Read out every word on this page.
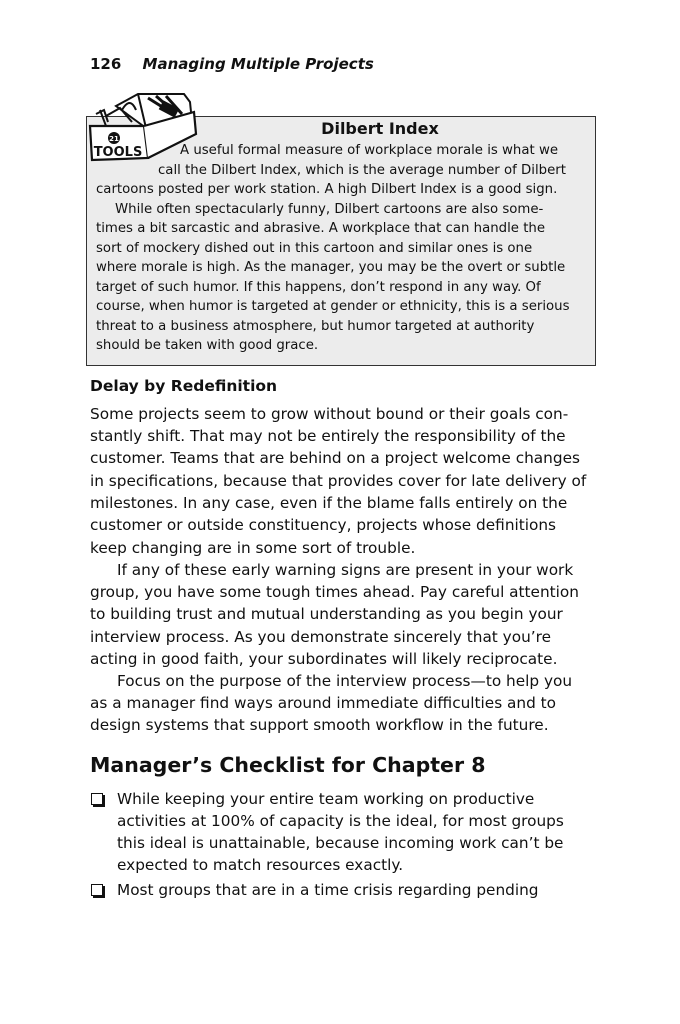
126 Managing Multiple Projects
21
TOOLS
Dilbert Index
A useful formal measure of workplace morale is what we
call the Dilbert Index, which is the average number of Dilbert
cartoons posted per work station. A high Dilbert Index is a good sign.
While often spectacularly funny, Dilbert cartoons are also some-
times a bit sarcastic and abrasive. A workplace that can handle the
sort of mockery dished out in this cartoon and similar ones is one
where morale is high. As the manager, you may be the overt or subtle
target of such humor. If this happens, don’t respond in any way. Of
course, when humor is targeted at gender or ethnicity, this is a serious
threat to a business atmosphere, but humor targeted at authority
should be taken with good grace.
Delay by Redefinition
Some projects seem to grow without bound or their goals con-
stantly shift. That may not be entirely the responsibility of the
customer. Teams that are behind on a project welcome changes
in specifications, because that provides cover for late delivery of
milestones. In any case, even if the blame falls entirely on the
customer or outside constituency, projects whose definitions
keep changing are in some sort of trouble.
If any of these early warning signs are present in your work
group, you have some tough times ahead. Pay careful attention
to building trust and mutual understanding as you begin your
interview process. As you demonstrate sincerely that you’re
acting in good faith, your subordinates will likely reciprocate.
Focus on the purpose of the interview process—to help you
as a manager find ways around immediate difficulties and to
design systems that support smooth workflow in the future.
Manager’s Checklist for Chapter 8
While keeping your entire team working on productive
activities at 100% of capacity is the ideal, for most groups
this ideal is unattainable, because incoming work can’t be
expected to match resources exactly.
Most groups that are in a time crisis regarding pending
